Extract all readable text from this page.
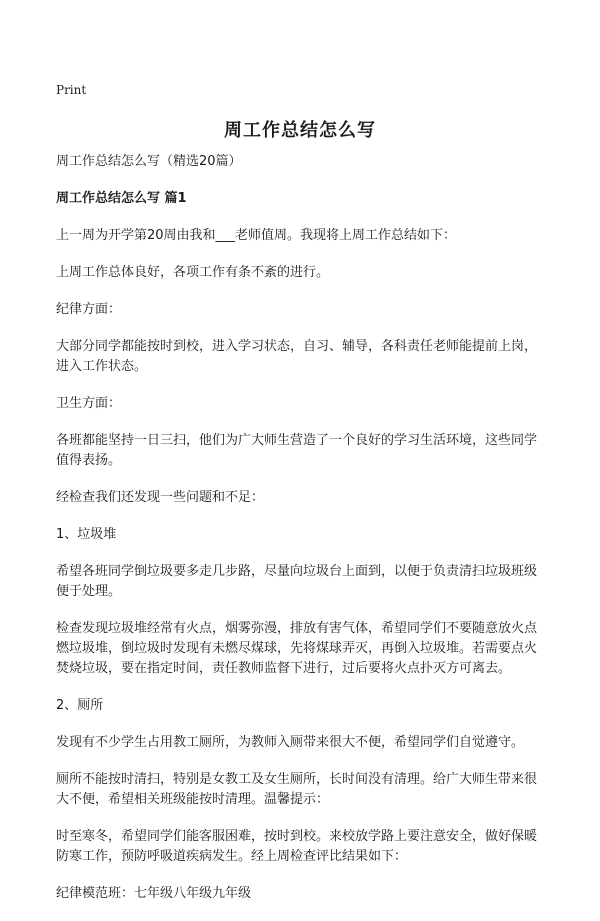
Print
周工作总结怎么写

周工作总结怎么写（精选20篇）

周工作总结怎么写 篇1

上一周为开学第20周由我和___老师值周。我现将上周工作总结如下：

上周工作总体良好，各项工作有条不紊的进行。

纪律方面：

大部分同学都能按时到校，进入学习状态，自习、辅导，各科责任老师能提前上岗，进入工作状态。

卫生方面：

各班都能坚持一日三扫，他们为广大师生营造了一个良好的学习生活环境，这些同学值得表扬。

经检查我们还发现一些问题和不足：

1、垃圾堆

希望各班同学倒垃圾要多走几步路，尽量向垃圾台上面到，以便于负责清扫垃圾班级便于处理。

检查发现垃圾堆经常有火点，烟雾弥漫，排放有害气体，希望同学们不要随意放火点燃垃圾堆，倒垃圾时发现有未燃尽煤球，先将煤球弄灭，再倒入垃圾堆。若需要点火焚烧垃圾，要在指定时间，责任教师监督下进行，过后要将火点扑灭方可离去。

2、厕所

发现有不少学生占用教工厕所，为教师入厕带来很大不便，希望同学们自觉遵守。

厕所不能按时清扫，特别是女教工及女生厕所，长时间没有清理。给广大师生带来很大不便，希望相关班级能按时清理。温馨提示：

时至寒冬，希望同学们能客服困难，按时到校。来校放学路上要注意安全，做好保暖防寒工作，预防呼吸道疾病发生。经上周检查评比结果如下：

纪律模范班：七年级八年级九年级
